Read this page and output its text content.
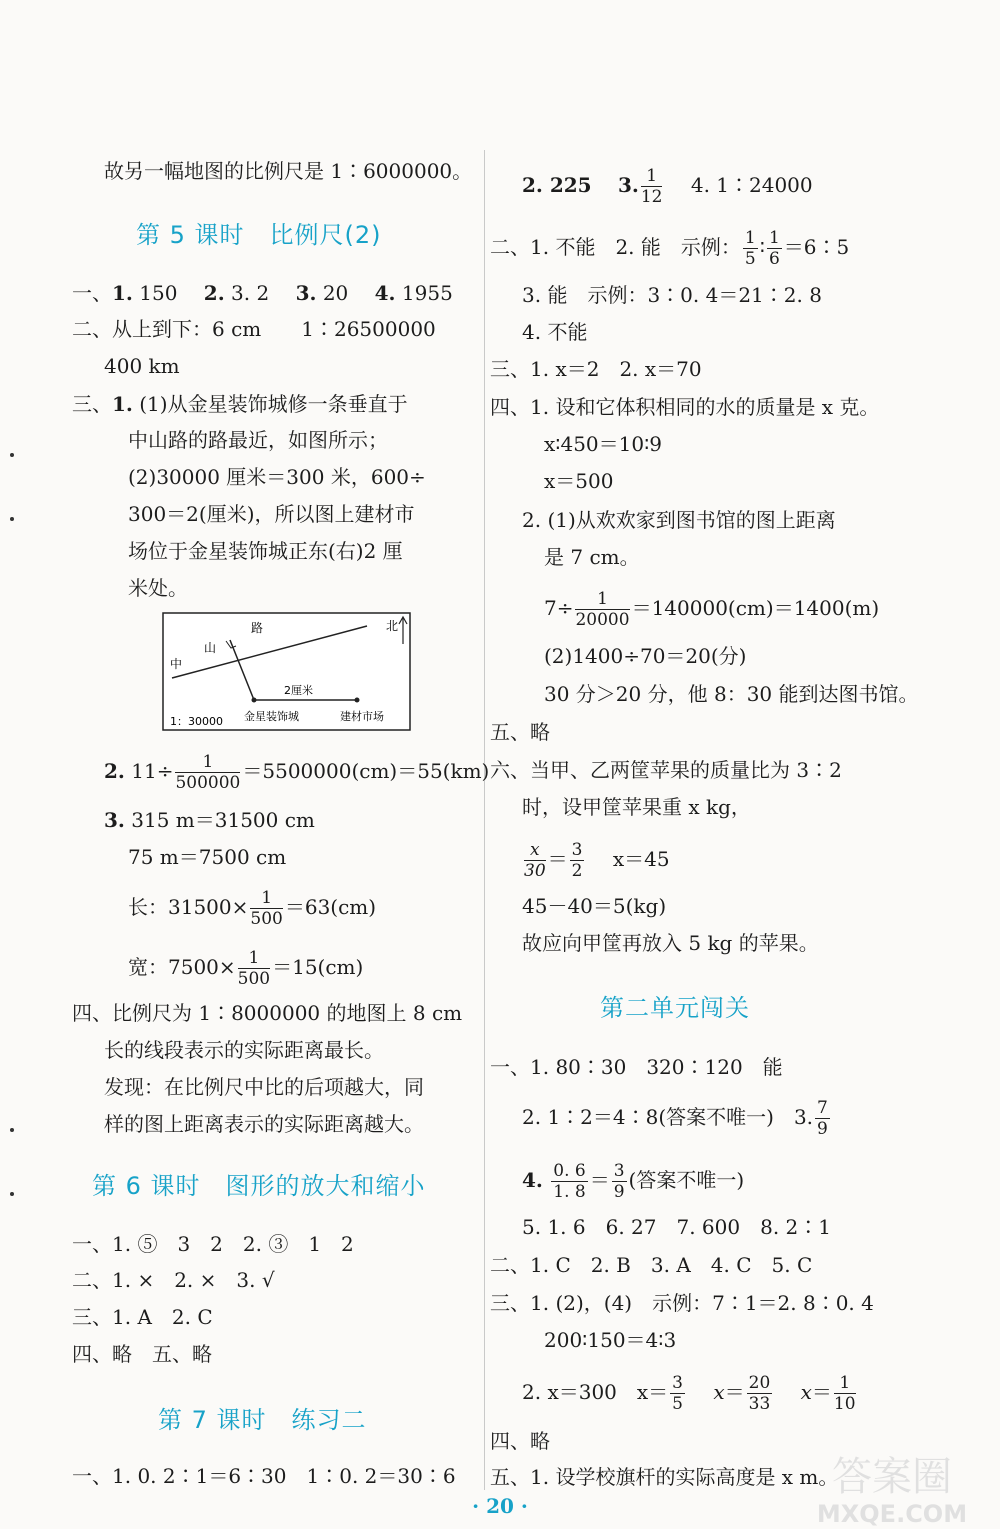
故另一幅地图的比例尺是 1∶6000000。
第 5 课时　比例尺(2)
一、1. 150　 2. 3. 2　 3. 20　 4. 1955
二、从上到下：6 cm　　1∶26500000
400 km
三、1. (1)从金星装饰城修一条垂直于
中山路的路最近，如图所示；
(2)30000 厘米＝300 米，600÷
300＝2(厘米)，所以图上建材市
场位于金星装饰城正东(右)2 厘
米处。
中
山
路	北
2厘米
1：30000 金星装饰城	建材市场
2. $11\div \frac{1}{500000} =5500000(cm)=55(km)$
3. 315 m＝31500 cm
75 m＝7500 cm
长：$31500\times \frac{1}{500} =63(cm)$
宽：$7500\times \frac{1}{500} =15(cm)$
四、比例尺为 1∶8000000 的地图上 8 cm
长的线段表示的实际距离最长。
发现：在比例尺中比的后项越大，同
样的图上距离表示的实际距离越大。
第 6 课时　图形的放大和缩小
一、1. ⑤　3　2　2. ③　1　2
二、1. ×　2. ×　3. √
三、1. A　2. C
四、略　五、略
第 7 课时　练习二
一、1. 0. 2∶1＝6∶30　1∶0. 2＝30∶6
2. 225　 3. $\frac{1}{12}$
　 4. 1∶24000
二、1. 不能　2. 能　示例： $\frac{1}{5}$ ∶ $\frac{1}{6}$ ＝6∶5
3. 能　示例：3∶0. 4＝21∶2. 8
4. 不能
三、1. x＝2　2. x＝70
四、1. 设和它体积相同的水的质量是 x 克。
x∶450＝10∶9
x＝500
2. (1)从欢欢家到图书馆的图上距离
是 7 cm。
$7\div \frac{1}{20000} =140000(cm)=1400(m)$
(2)1400÷70＝20(分)
30 分＞20 分，他 8：30 能到达图书馆。
五、略
六、当甲、乙两筐苹果的质量比为 3∶2
时，设甲筐苹果重 x kg，
$\frac{x}{30} = \frac{3}{2}$
　 x＝45
45－40＝5(kg)
故应向甲筐再放入 5 kg 的苹果。
第二单元闯关
一、1. 80∶30　320∶120　能
2. 1∶2＝4∶8(答案不唯一)　3. $\frac{7}{9}$
4. $\frac{0. 6}{1. 8} = \frac{3}{9}$ (答案不唯一)
5. 1. 6　6. 27　7. 600　8. 2∶1
二、1. C　2. B　3. A　4. C　5. C
三、1. (2)，(4)　示例：7∶1＝2. 8∶0. 4
200∶150＝4∶3
2. x＝300　$x= \frac{3}{5}$
　 $x= \frac{20}{33}$
　 $x= \frac{1}{10}$
四、略
五、1. 设学校旗杆的实际高度是 x m。
· 20 ·
答案圈
MXQE.COM
